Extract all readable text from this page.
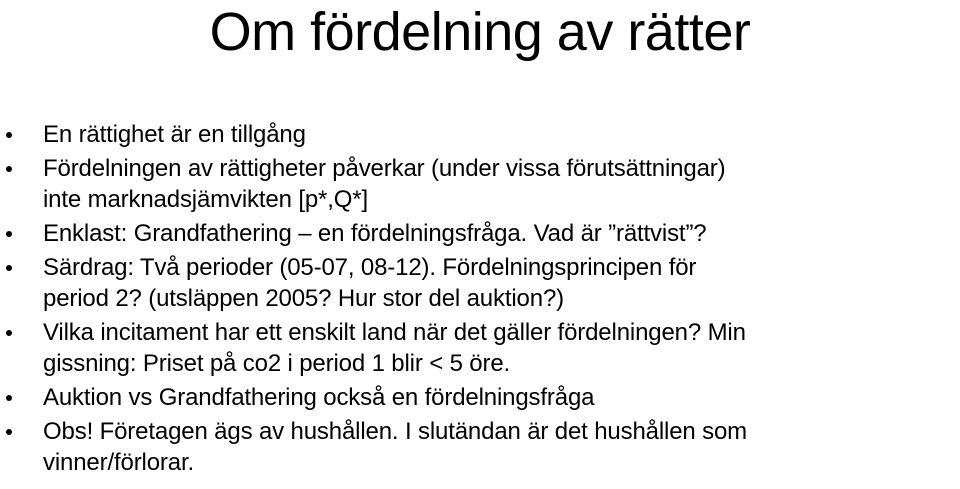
Om fördelning av rätter
En rättighet är en tillgång
Fördelningen av rättigheter påverkar (under vissa förutsättningar)
inte marknadsjämvikten [p*,Q*]
Enklast: Grandfathering – en fördelningsfråga. Vad är ”rättvist”?
Särdrag: Två perioder (05-07, 08-12). Fördelningsprincipen för
period 2? (utsläppen 2005? Hur stor del auktion?)
Vilka incitament har ett enskilt land när det gäller fördelningen? Min
gissning: Priset på co2 i period 1 blir < 5 öre.
Auktion vs Grandfathering också en fördelningsfråga
Obs! Företagen ägs av hushållen. I slutändan är det hushållen som
vinner/förlorar.
